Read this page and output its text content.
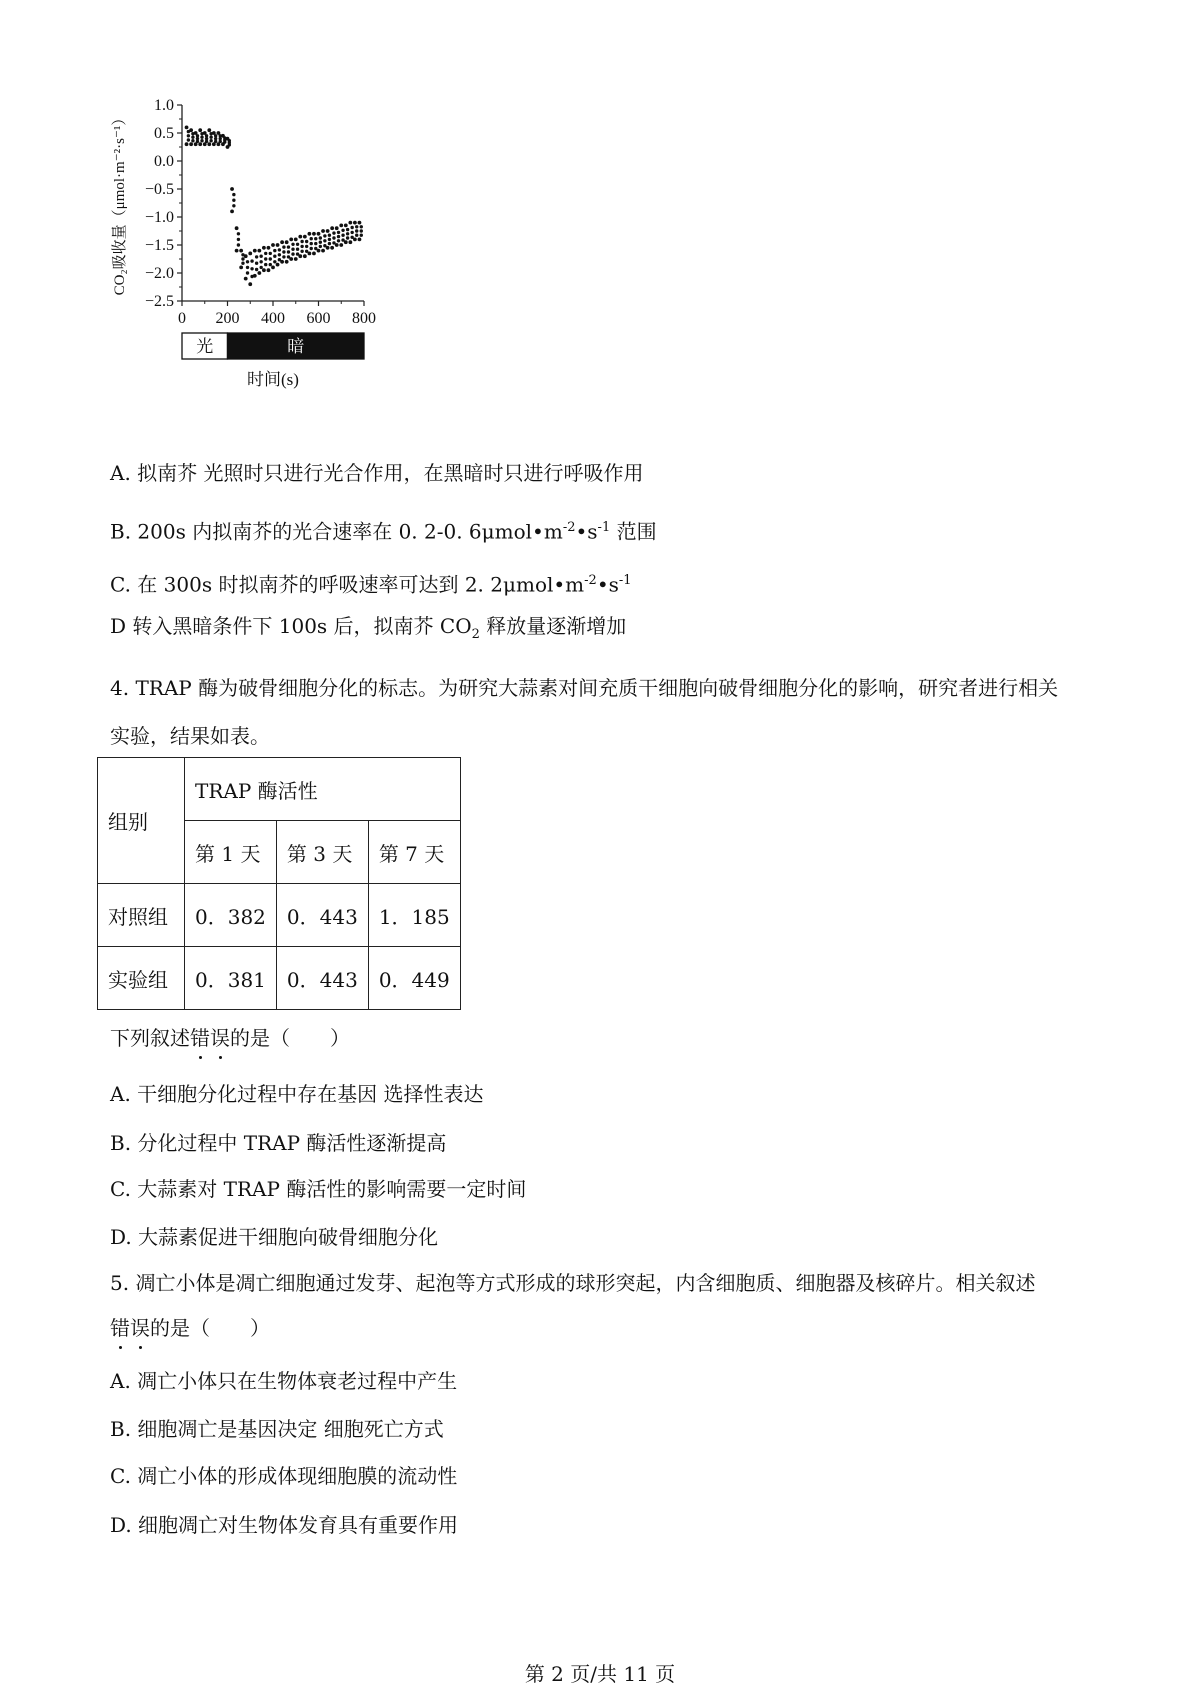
1.0
0.5
0.0
−0.5
−1.0
−1.5
−2.0
−2.5
0 200 400 600 800
光	暗
时间(s)
CO₂吸收量（μmol·m⁻²·s⁻¹）
A. 拟南芥 光照时只进行光合作用，在黑暗时只进行呼吸作用
B. 200s 内拟南芥的光合速率在 0. 2-0. $6\mu mol•m^{-2}•s^{-1}$ 范围
C. 在 300s 时拟南芥的呼吸速率可达到 2. $2\mu mol•m^{-2}•s^{-1}$
D 转入黑暗条件下 100s 后，拟南芥 $CO_2$ 释放量逐渐增加
4. TRAP 酶为破骨细胞分化的标志。为研究大蒜素对间充质干细胞向破骨细胞分化的影响，研究者进行相关
实验，结果如表。
组别	TRAP 酶活性		
	第 1 天	第 3 天	第 7 天
对照组	0．382	0．443	1．185
实验组	0．381	0．443	0．449
下列叙述错误的是（　　）
A. 干细胞分化过程中存在基因 选择性表达
B. 分化过程中 TRAP 酶活性逐渐提高
C. 大蒜素对 TRAP 酶活性的影响需要一定时间
D. 大蒜素促进干细胞向破骨细胞分化
5. 凋亡小体是凋亡细胞通过发芽、起泡等方式形成的球形突起，内含细胞质、细胞器及核碎片。相关叙述
错误的是（　　）
A. 凋亡小体只在生物体衰老过程中产生
B. 细胞凋亡是基因决定 细胞死亡方式
C. 凋亡小体的形成体现细胞膜的流动性
D. 细胞凋亡对生物体发育具有重要作用
第 2 页/共 11 页
